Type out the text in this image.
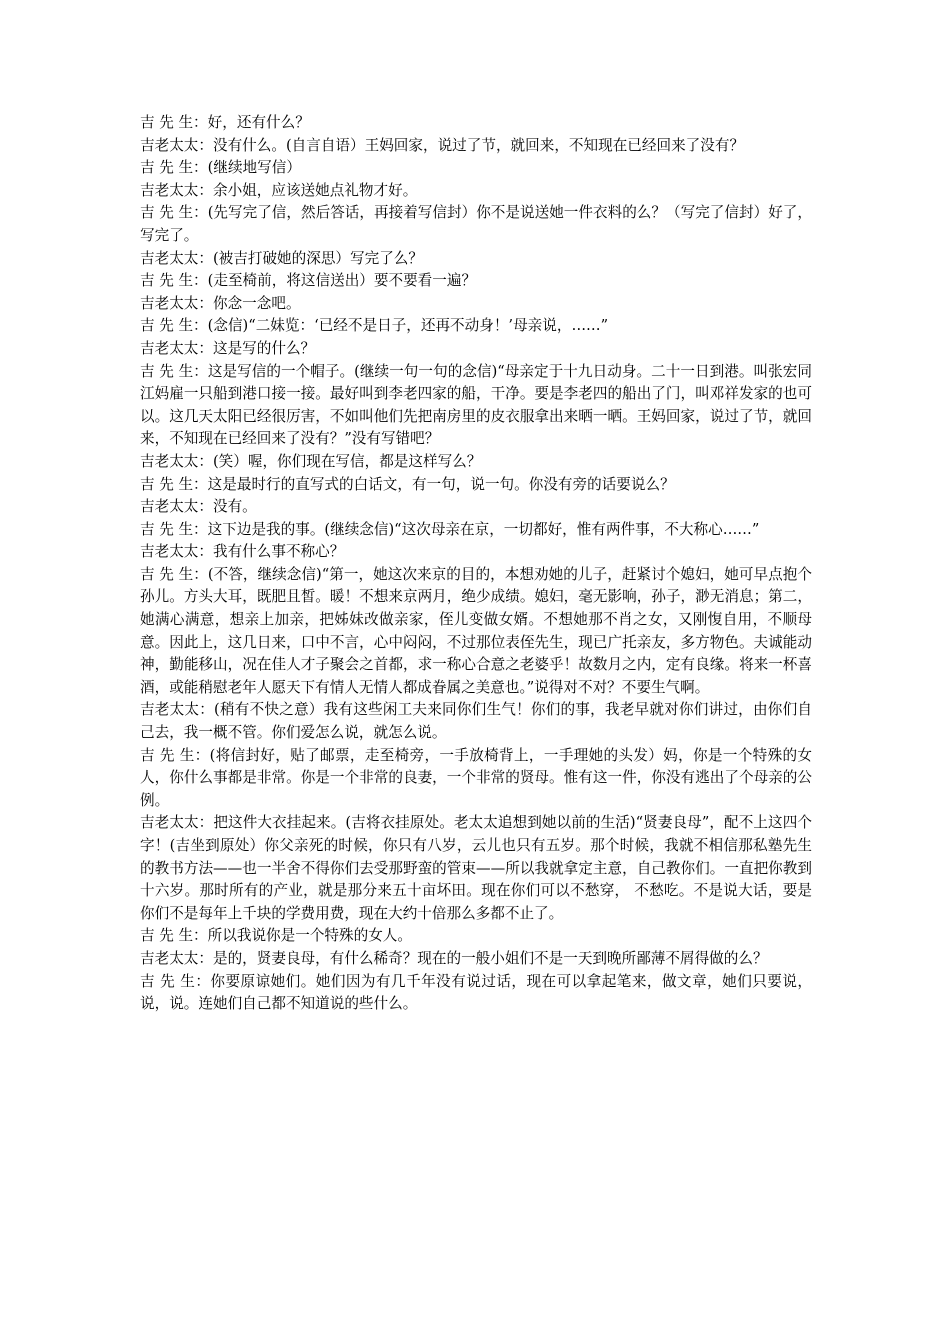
吉 先 生：好，还有什么？
吉老太太：没有什么。(自言自语）王妈回家，说过了节，就回来，不知现在已经回来了没有？
吉 先 生：(继续地写信）
吉老太太：余小姐，应该送她点礼物才好。
吉 先 生：(先写完了信，然后答话，再接着写信封）你不是说送她一件衣料的么？（写完了信封）好了，写完了。
吉老太太：(被吉打破她的深思）写完了么？
吉 先 生：(走至椅前，将这信送出）要不要看一遍？
吉老太太：你念一念吧。
吉 先 生：(念信)“二妹览：‘已经不是日子，还再不动身！’母亲说，……”
吉老太太：这是写的什么？
吉 先 生：这是写信的一个帽子。(继续一句一句的念信)“母亲定于十九日动身。二十一日到港。叫张宏同江妈雇一只船到港口接一接。最好叫到李老四家的船，干净。要是李老四的船出了门，叫邓祥发家的也可以。这几天太阳已经很厉害，不如叫他们先把南房里的皮衣服拿出来晒一晒。王妈回家，说过了节，就回来，不知现在已经回来了没有？”没有写错吧？
吉老太太：(笑）喔，你们现在写信，都是这样写么？
吉 先 生：这是最时行的直写式的白话文，有一句，说一句。你没有旁的话要说么？
吉老太太：没有。
吉 先 生：这下边是我的事。(继续念信)“这次母亲在京，一切都好，惟有两件事，不大称心……”
吉老太太：我有什么事不称心？
吉 先 生：(不答，继续念信)“第一，她这次来京的目的，本想劝她的儿子，赶紧讨个媳妇，她可早点抱个孙儿。方头大耳，既肥且皙。暖！不想来京两月，绝少成绩。媳妇，毫无影响，孙子，渺无消息；第二，她满心满意，想亲上加亲，把姊妹改做亲家，侄儿变做女婿。不想她那不肖之女，又刚愎自用，不顺母意。因此上，这几日来，口中不言，心中闷闷，不过那位表侄先生，现已广托亲友，多方物色。夫诚能动神，勤能移山，况在佳人才子聚会之首都，求一称心合意之老婆乎！故数月之内，定有良缘。将来一杯喜酒，或能稍慰老年人愿天下有情人无情人都成眷属之美意也。”说得对不对？不要生气啊。
吉老太太：(稍有不快之意）我有这些闲工夫来同你们生气！你们的事，我老早就对你们讲过，由你们自己去，我一概不管。你们爱怎么说，就怎么说。
吉 先 生：(将信封好，贴了邮票，走至椅旁，一手放椅背上，一手理她的头发）妈，你是一个特殊的女人，你什么事都是非常。你是一个非常的良妻，一个非常的贤母。惟有这一件，你没有逃出了个母亲的公例。
吉老太太：把这件大衣挂起来。(吉将衣挂原处。老太太追想到她以前的生活)“贤妻良母”，配不上这四个字！(吉坐到原处）你父亲死的时候，你只有八岁，云儿也只有五岁。那个时候，我就不相信那私塾先生的教书方法——也一半舍不得你们去受那野蛮的管束——所以我就拿定主意，自己教你们。一直把你教到十六岁。那时所有的产业，就是那分来五十亩坏田。现在你们可以不愁穿， 不愁吃。不是说大话，要是你们不是每年上千块的学费用费，现在大约十倍那么多都不止了。
吉 先 生：所以我说你是一个特殊的女人。
吉老太太：是的，贤妻良母，有什么稀奇？现在的一般小姐们不是一天到晚所鄙薄不屑得做的么？
吉 先 生：你要原谅她们。她们因为有几千年没有说过话，现在可以拿起笔来，做文章，她们只要说，说，说。连她们自己都不知道说的些什么。
